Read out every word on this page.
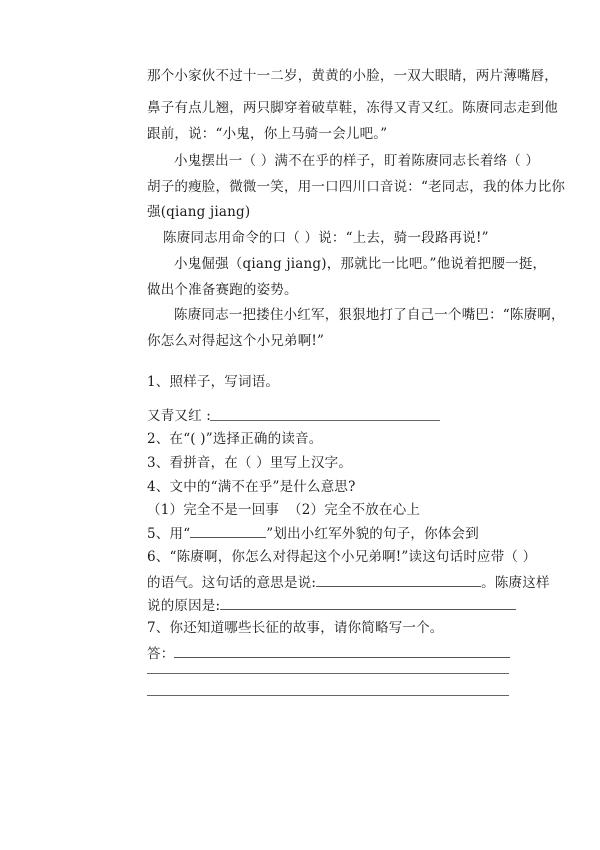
那个小家伙不过十一二岁，黄黄的小脸，一双大眼睛，两片薄嘴唇，
鼻子有点儿翘，两只脚穿着破草鞋，冻得又青又红。陈赓同志走到他
跟前，说：“小鬼，你上马骑一会儿吧。”
小鬼摆出一（ ）满不在乎的样子，盯着陈赓同志长着络（ ）
胡子的瘦脸，微微一笑，用一口四川口音说：“老同志，我的体力比你
强(qiang jiang)
陈赓同志用命令的口（ ）说：“上去，骑一段路再说!”
小鬼倔强（qiang jiang)，那就比一比吧。”他说着把腰一挺，
做出个准备赛跑的姿势。
陈赓同志一把搂住小红军，狠狠地打了自己一个嘴巴：“陈赓啊，
你怎么对得起这个小兄弟啊!”
1、照样子，写词语。
又青又红 :
2、在“( )”选择正确的读音。
3、看拼音，在（ ）里写上汉字。
4、文中的“满不在乎”是什么意思?
（1）完全不是一回事 （2）完全不放在心上
5、用“	”划出小红军外貌的句子，你体会到
6、“陈赓啊，你怎么对得起这个小兄弟啊!”读这句话时应带（ ）
的语气。这句话的意思是说:	。陈赓这样
说的原因是:
7、你还知道哪些长征的故事，请你简略写一个。
答：
